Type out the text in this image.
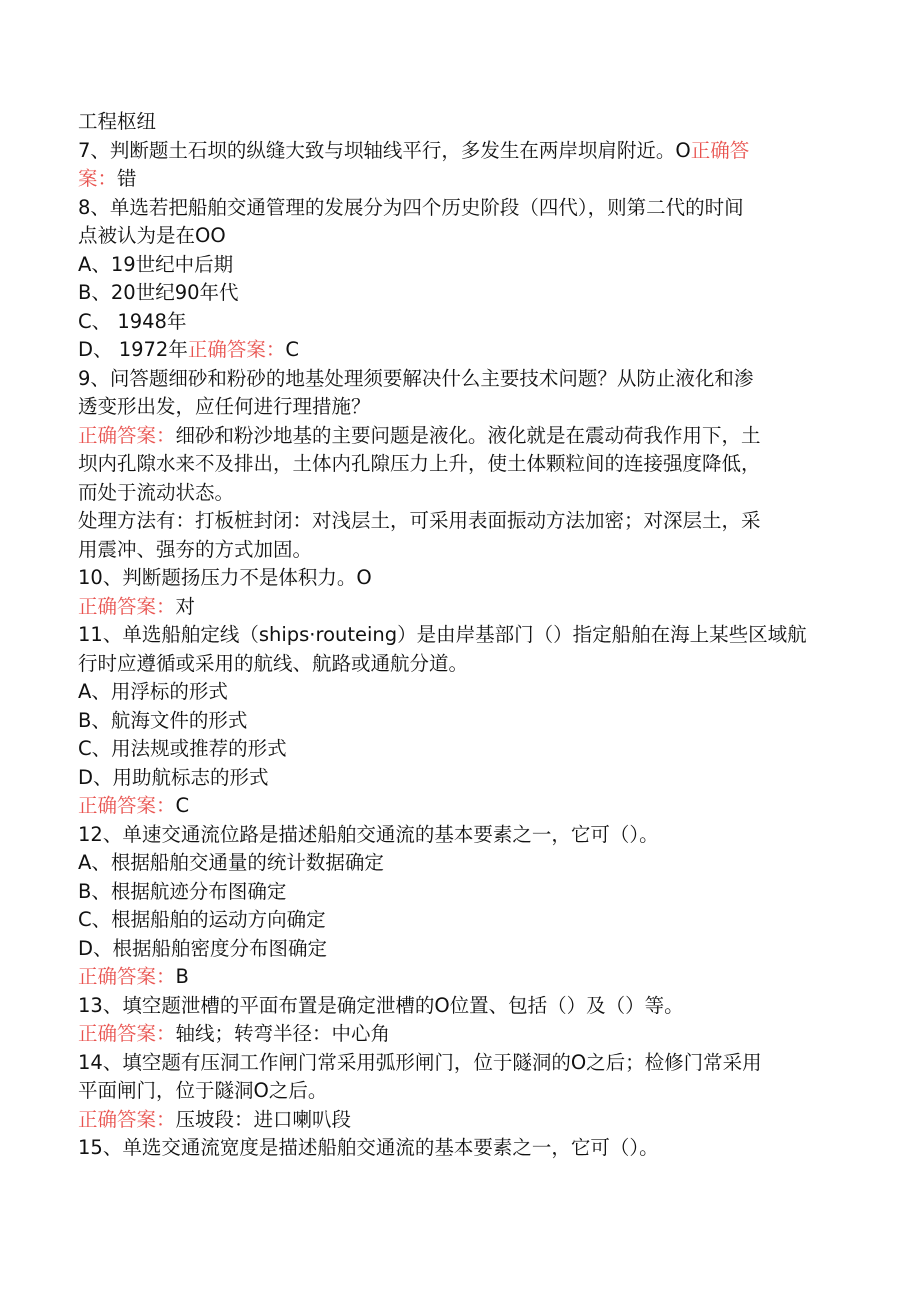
工程枢纽
7、判断题土石坝的纵缝大致与坝轴线平行，多发生在两岸坝肩附近。O正确答
案：错
8、单选若把船舶交通管理的发展分为四个历史阶段（四代），则第二代的时间
点被认为是在OO
A、19世纪中后期
B、20世纪90年代
C、 1948年
D、 1972年正确答案：C
9、问答题细砂和粉砂的地基处理须要解决什么主要技术问题？从防止液化和渗
透变形出发，应任何进行理措施？
正确答案：细砂和粉沙地基的主要问题是液化。液化就是在震动荷我作用下，土
坝内孔隙水来不及排出，土体内孔隙压力上升，使土体颗粒间的连接强度降低，
而处于流动状态。
处理方法有：打板桩封闭：对浅层土，可采用表面振动方法加密；对深层土，采
用震冲、强夯的方式加固。
10、判断题扬压力不是体积力。O
正确答案：对
11、单选船舶定线（ships·routeing）是由岸基部门（）指定船舶在海上某些区域航
行时应遵循或采用的航线、航路或通航分道。
A、用浮标的形式
B、航海文件的形式
C、用法规或推荐的形式
D、用助航标志的形式
正确答案：C
12、单速交通流位路是描述船舶交通流的基本要素之一，它可（）。
A、根据船舶交通量的统计数据确定
B、根据航迹分布图确定
C、根据船舶的运动方向确定
D、根据船舶密度分布图确定
正确答案：B
13、填空题泄槽的平面布置是确定泄槽的O位置、包括（）及（）等。
正确答案：轴线；转弯半径：中心角
14、填空题有压洞工作闸门常采用弧形闸门，位于隧洞的O之后；检修门常采用
平面闸门，位于隧洞O之后。
正确答案：压坡段：进口喇叭段
15、单选交通流宽度是描述船舶交通流的基本要素之一，它可（）。
